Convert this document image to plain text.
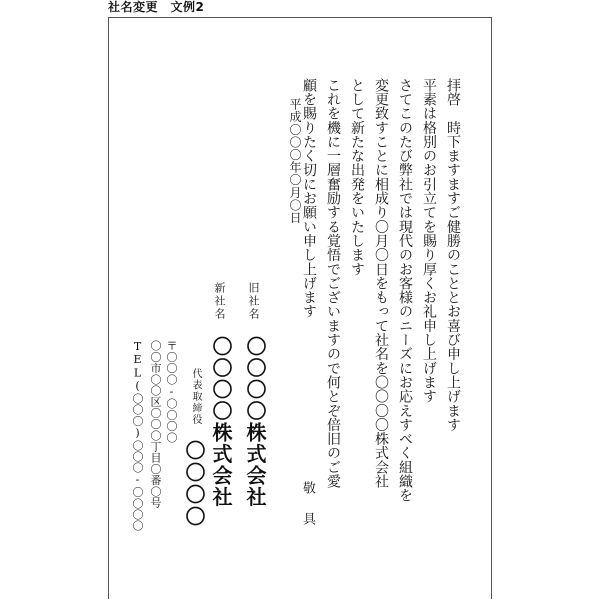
社名変更　文例2
拝啓　時下ますますご健勝のこととお喜び申し上げます
平素は格別のお引立てを賜り厚くお礼申し上げます
さてこのたび弊社では現代のお客様のニーズにお応えすべく組織を
変更致すことに相成り〇月〇日をもって社名を〇〇〇〇株式会社
として新たな出発をいたします
これを機に一層奮励する覚悟でございますので何とぞ倍旧のご愛
顧を賜りたく切にお願い申し上げます
敬具
平成〇〇〇年〇月〇日
旧社名
新社名
〇〇〇〇株式会社
〇〇〇〇株式会社
代表取締役
〇〇〇〇
〒〇〇〇-〇〇〇〇
〇〇市〇〇区〇〇〇丁目〇番〇号
TEL(〇〇〇)〇〇〇-〇〇〇〇
